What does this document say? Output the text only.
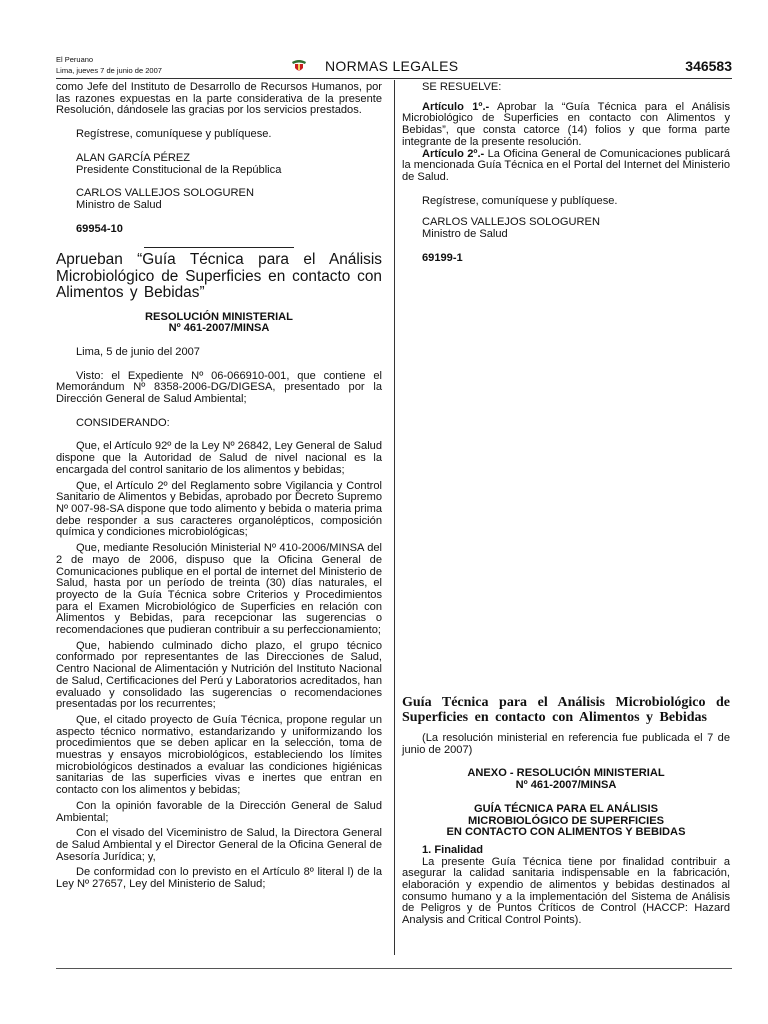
El Peruano
Lima, jueves 7 de junio de 2007	NORMAS LEGALES	346583

como Jefe del Instituto de Desarrollo de Recursos Humanos, por las razones expuestas en la parte considerativa de la presente Resolución, dándosele las gracias por los servicios prestados.

Regístrese, comuníquese y publíquese.

ALAN GARCÍA PÉREZ

Presidente Constitucional de la República

CARLOS VALLEJOS SOLOGUREN

Ministro de Salud

69954-10

Aprueban “Guía Técnica para el Análisis Microbiológico de Superficies en contacto con Alimentos y Bebidas”

RESOLUCIÓN MINISTERIAL

Nº 461-2007/MINSA

Lima, 5 de junio del 2007

Visto: el Expediente Nº 06-066910-001, que contiene el Memorándum Nº 8358-2006-DG/DIGESA, presentado por la Dirección General de Salud Ambiental;

CONSIDERANDO:

Que, el Artículo 92º de la Ley Nº 26842, Ley General de Salud dispone que la Autoridad de Salud de nivel nacional es la encargada del control sanitario de los alimentos y bebidas;

Que, el Artículo 2º del Reglamento sobre Vigilancia y Control Sanitario de Alimentos y Bebidas, aprobado por Decreto Supremo Nº 007-98-SA dispone que todo alimento y bebida o materia prima debe responder a sus caracteres organolépticos, composición química y condiciones microbiológicas;

Que, mediante Resolución Ministerial Nº 410-2006/MINSA del 2 de mayo de 2006, dispuso que la Oficina General de Comunicaciones publique en el portal de internet del Ministerio de Salud, hasta por un período de treinta (30) días naturales, el proyecto de la Guía Técnica sobre Criterios y Procedimientos para el Examen Microbiológico de Superficies en relación con Alimentos y Bebidas, para recepcionar las sugerencias o recomendaciones que pudieran contribuir a su perfeccionamiento;

Que, habiendo culminado dicho plazo, el grupo técnico conformado por representantes de las Direcciones de Salud, Centro Nacional de Alimentación y Nutrición del Instituto Nacional de Salud, Certificaciones del Perú y Laboratorios acreditados, han evaluado y consolidado las sugerencias o recomendaciones presentadas por los recurrentes;

Que, el citado proyecto de Guía Técnica, propone regular un aspecto técnico normativo, estandarizando y uniformizando los procedimientos que se deben aplicar en la selección, toma de muestras y ensayos microbiológicos, estableciendo los límites microbiológicos destinados a evaluar las condiciones higiénicas sanitarias de las superficies vivas e inertes que entran en contacto con los alimentos y bebidas;

Con la opinión favorable de la Dirección General de Salud Ambiental;

Con el visado del Viceministro de Salud, la Directora General de Salud Ambiental y el Director General de la Oficina General de Asesoría Jurídica; y,

De conformidad con lo previsto en el Artículo 8º literal l) de la Ley Nº 27657, Ley del Ministerio de Salud;

SE RESUELVE:

Artículo 1º.- Aprobar la “Guía Técnica para el Análisis Microbiológico de Superficies en contacto con Alimentos y Bebidas”, que consta catorce (14) folios y que forma parte integrante de la presente resolución.

Artículo 2º.- La Oficina General de Comunicaciones publicará la mencionada Guía Técnica en el Portal del Internet del Ministerio de Salud.

Regístrese, comuníquese y publíquese.

CARLOS VALLEJOS SOLOGUREN

Ministro de Salud

69199-1

Guía Técnica para el Análisis Microbiológico de Superficies en contacto con Alimentos y Bebidas

(La resolución ministerial en referencia fue publicada el 7 de junio de 2007)

ANEXO - RESOLUCIÓN MINISTERIAL

Nº 461-2007/MINSA

GUÍA TÉCNICA PARA EL ANÁLISIS

MICROBIOLÓGICO DE SUPERFICIES

EN CONTACTO CON ALIMENTOS Y BEBIDAS

1. Finalidad

La presente Guía Técnica tiene por finalidad contribuir a asegurar la calidad sanitaria indispensable en la fabricación, elaboración y expendio de alimentos y bebidas destinados al consumo humano y a la implementación del Sistema de Análisis de Peligros y de Puntos Críticos de Control (HACCP: Hazard Analysis and Critical Control Points).
